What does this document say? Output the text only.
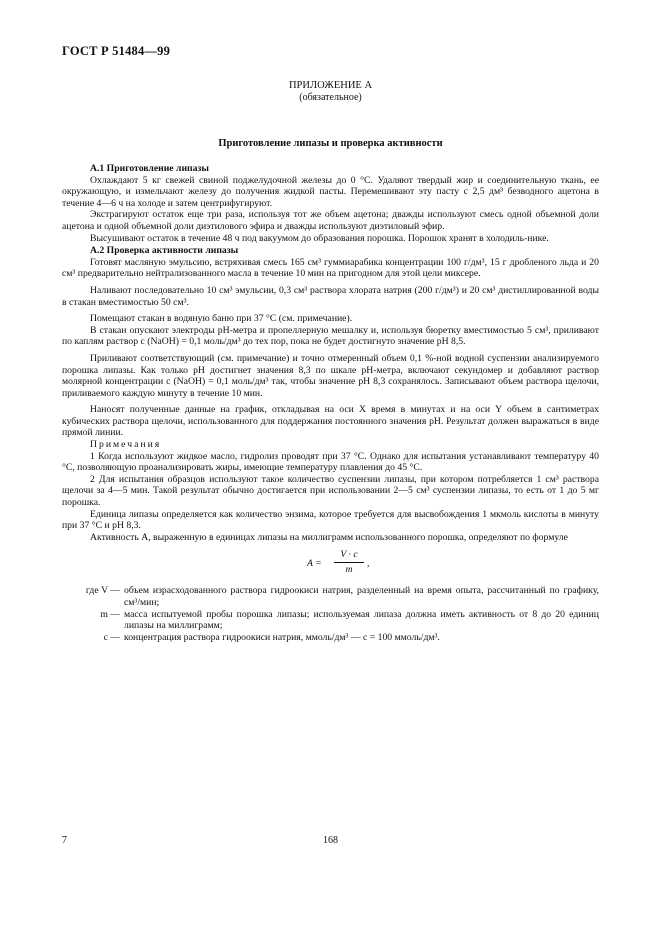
ГОСТ Р 51484—99
ПРИЛОЖЕНИЕ А
(обязательное)
Приготовление липазы и проверка активности
А.1 Приготовление липазы

Охлаждают 5 кг свежей свиной поджелудочной железы до 0 °С. Удаляют твердый жир и соединительную ткань, ее окружающую, и измельчают железу до получения жидкой пасты. Перемешивают эту пасту с 2,5 дм³ безводного ацетона в течение 4—6 ч на холоде и затем центрифугируют.

Экстрагируют остаток еще три раза, используя тот же объем ацетона; дважды используют смесь одной объемной доли ацетона и одной объемной доли диэтилового эфира и дважды используют диэтиловый эфир.

Высушивают остаток в течение 48 ч под вакуумом до образования порошка. Порошок хранят в холодиль-нике.

А.2 Проверка активности липазы

Готовят масляную эмульсию, встряхивая смесь 165 см³ гуммиарабика концентрации 100 г/дм³, 15 г дробленого льда и 20 см³ предварительно нейтрализованного масла в течение 10 мин на пригодном для этой цели миксере.

Наливают последовательно 10 см³ эмульсии, 0,3 см³ раствора хлората натрия (200 г/дм³) и 20 см³ дистиллированной воды в стакан вместимостью 50 см³.

Помещают стакан в водяную баню при 37 °С (см. примечание).

В стакан опускают электроды рН-метра и пропеллерную мешалку и, используя бюретку вместимостью 5 см³, приливают по каплям раствор с (NaOH) = 0,1 моль/дм³ до тех пор, пока не будет достигнуто значение рН 8,5.

Приливают соответствующий (см. примечание) и точно отмеренный объем 0,1 %-ной водной суспензии анализируемого порошка липазы. Как только рН достигнет значения 8,3 по шкале рН-метра, включают секундомер и добавляют раствор молярной концентрации с (NaOH) = 0,1 моль/дм³ так, чтобы значение рН 8,3 сохранялось. Записывают объем раствора щелочи, приливаемого каждую минуту в течение 10 мин.

Наносят полученные данные на график, откладывая на оси X время в минутах и на оси Y объем в сантиметрах кубических раствора щелочи, использованного для поддержания постоянного значения рН. Результат должен выражаться в виде прямой линии.

Примечания

1 Когда используют жидкое масло, гидролиз проводят при 37 °С. Однако для испытания устанавливают температуру 40 °С, позволяющую проанализировать жиры, имеющие температуру плавления до 45 °С.

2 Для испытания образцов используют такое количество суспензии липазы, при котором потребляется 1 см³ раствора щелочи за 4—5 мин. Такой результат обычно достигается при использовании 2—5 см³ суспензии липазы, то есть от 1 до 5 мг порошка.

Единица липазы определяется как количество энзима, которое требуется для высвобождения 1 мкмоль кислоты в минуту при 37 °С и рН 8,3.

Активность A, выраженную в единицах липазы на миллиграмм использованного порошка, определяют по формуле

$A = \frac{V \cdot c}{m}$ ,
где V — объем израсходованного раствора гидроокиси натрия, разделенный на время опыта, рассчитанный по графику, см³/мин;
m — масса испытуемой пробы порошка липазы; используемая липаза должна иметь активность от 8 до 20 единиц липазы на миллиграмм;
c — концентрация раствора гидроокиси натрия, ммоль/дм³ — c = 100 ммоль/дм³.
7	168
